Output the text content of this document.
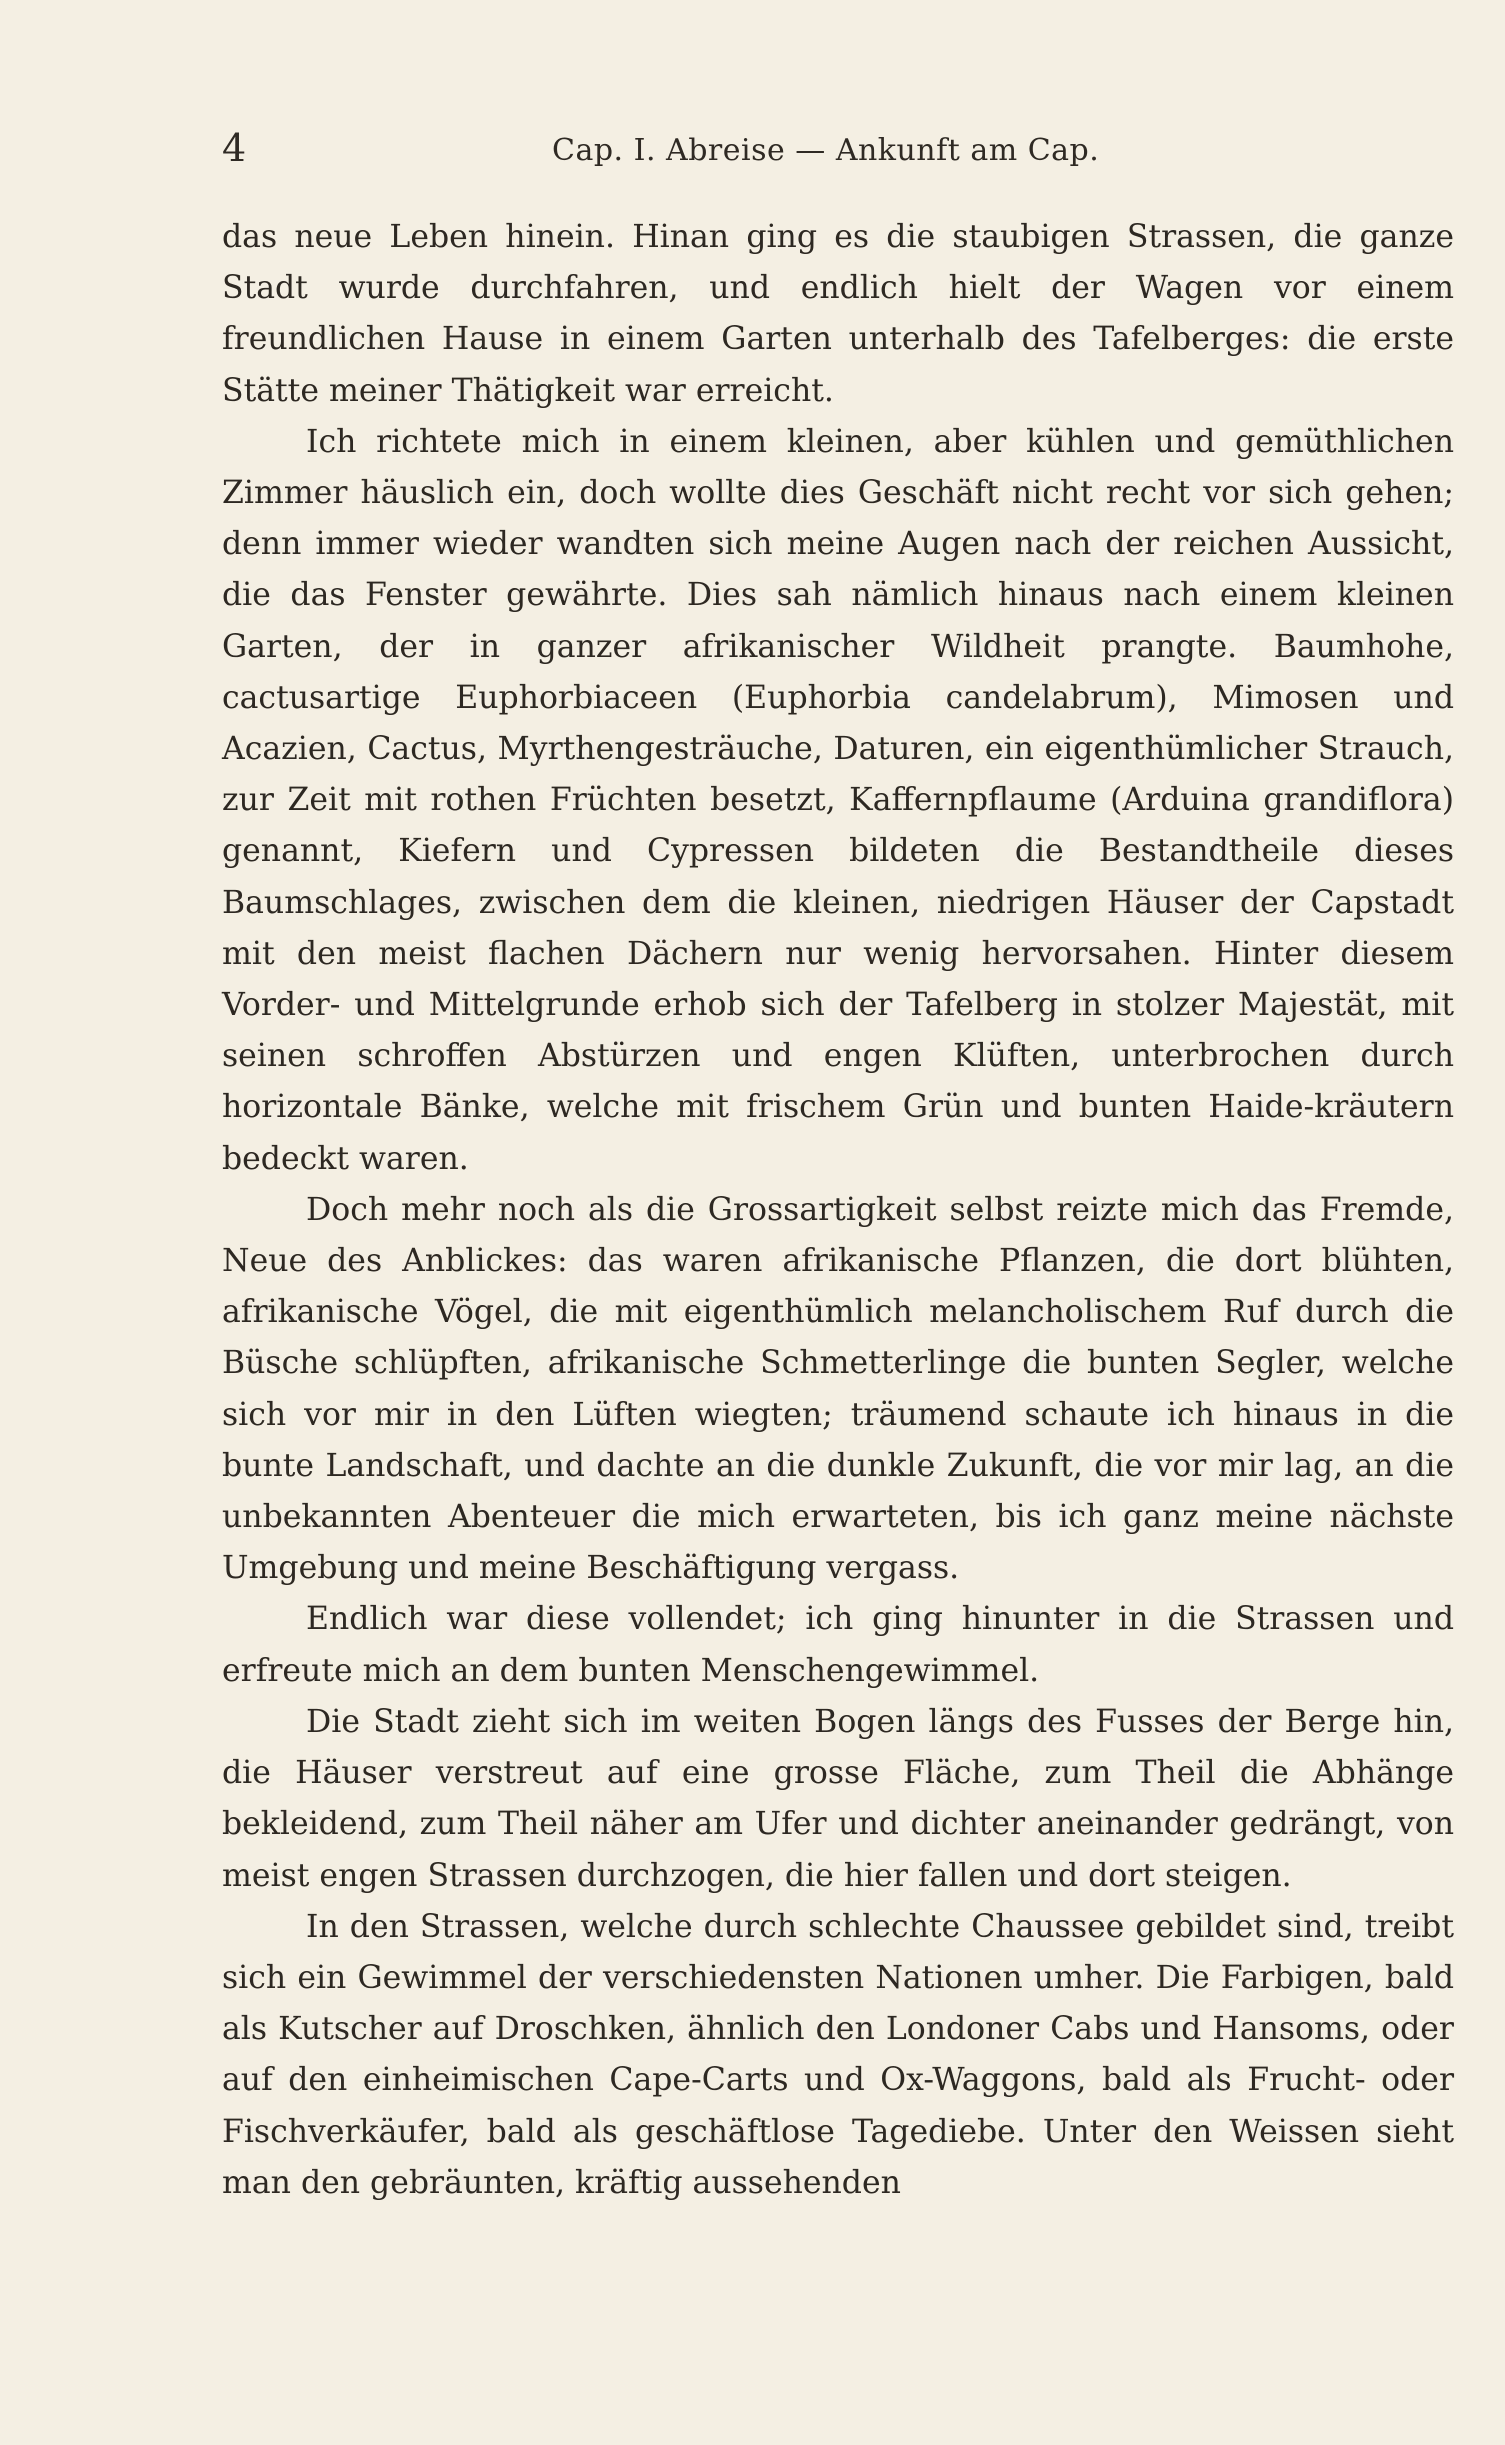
4	Cap. I. Abreise — Ankunft am Cap.

das neue Leben hinein. Hinan ging es die staubigen Strassen, die ganze Stadt wurde durchfahren, und endlich hielt der Wagen vor einem freundlichen Hause in einem Garten unterhalb des Tafelberges: die erste Stätte meiner Thätigkeit war erreicht.

Ich richtete mich in einem kleinen, aber kühlen und gemüthlichen Zimmer häuslich ein, doch wollte dies Geschäft nicht recht vor sich gehen; denn immer wieder wandten sich meine Augen nach der reichen Aussicht, die das Fenster gewährte. Dies sah nämlich hinaus nach einem kleinen Garten, der in ganzer afrikanischer Wildheit prangte. Baumhohe, cactusartige Euphorbiaceen (Euphorbia candelabrum), Mimosen und Acazien, Cactus, Myrthengesträuche, Daturen, ein eigenthümlicher Strauch, zur Zeit mit rothen Früchten besetzt, Kaffernpflaume (Arduina grandiflora) genannt, Kiefern und Cypressen bildeten die Bestandtheile dieses Baumschlages, zwischen dem die kleinen, niedrigen Häuser der Capstadt mit den meist flachen Dächern nur wenig hervorsahen. Hinter diesem Vorder- und Mittelgrunde erhob sich der Tafelberg in stolzer Majestät, mit seinen schroffen Abstürzen und engen Klüften, unterbrochen durch horizontale Bänke, welche mit frischem Grün und bunten Haide-kräutern bedeckt waren.

Doch mehr noch als die Grossartigkeit selbst reizte mich das Fremde, Neue des Anblickes: das waren afrikanische Pflanzen, die dort blühten, afrikanische Vögel, die mit eigenthümlich melancholischem Ruf durch die Büsche schlüpften, afrikanische Schmetterlinge die bunten Segler, welche sich vor mir in den Lüften wiegten; träumend schaute ich hinaus in die bunte Landschaft, und dachte an die dunkle Zukunft, die vor mir lag, an die unbekannten Abenteuer die mich erwarteten, bis ich ganz meine nächste Umgebung und meine Beschäftigung vergass.

Endlich war diese vollendet; ich ging hinunter in die Strassen und erfreute mich an dem bunten Menschengewimmel.

Die Stadt zieht sich im weiten Bogen längs des Fusses der Berge hin, die Häuser verstreut auf eine grosse Fläche, zum Theil die Abhänge bekleidend, zum Theil näher am Ufer und dichter aneinander gedrängt, von meist engen Strassen durchzogen, die hier fallen und dort steigen.

In den Strassen, welche durch schlechte Chaussee gebildet sind, treibt sich ein Gewimmel der verschiedensten Nationen umher. Die Farbigen, bald als Kutscher auf Droschken, ähnlich den Londoner Cabs und Hansoms, oder auf den einheimischen Cape-Carts und Ox-Waggons, bald als Frucht- oder Fischverkäufer, bald als geschäftlose Tagediebe. Unter den Weissen sieht man den gebräunten, kräftig aussehenden
